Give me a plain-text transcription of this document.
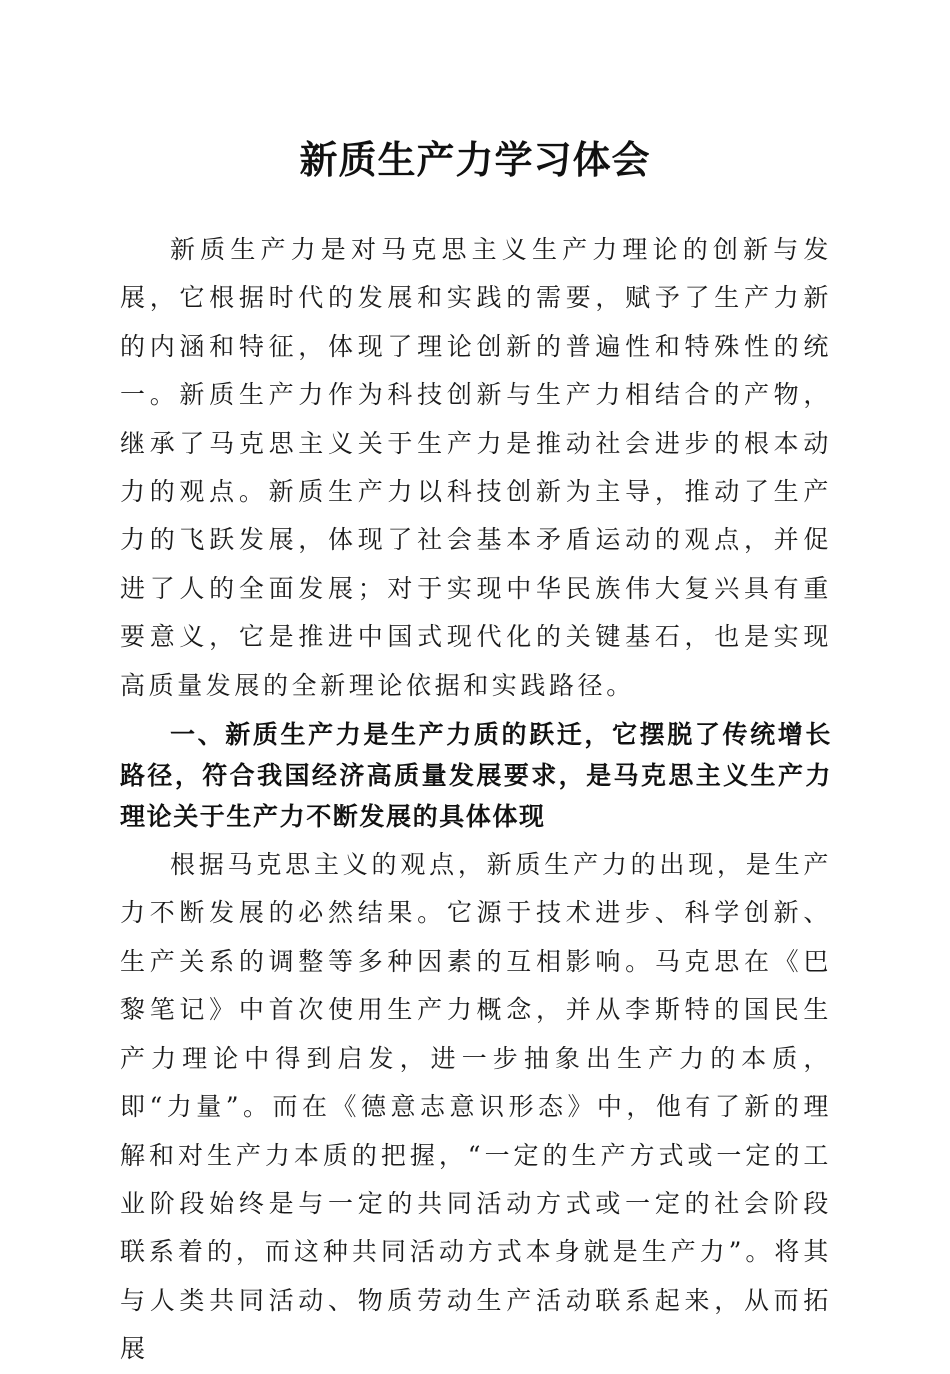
新质生产力学习体会

新质生产力是对马克思主义生产力理论的创新与发展，它根据时代的发展和实践的需要，赋予了生产力新的内涵和特征，体现了理论创新的普遍性和特殊性的统一。新质生产力作为科技创新与生产力相结合的产物，继承了马克思主义关于生产力是推动社会进步的根本动力的观点。新质生产力以科技创新为主导，推动了生产力的飞跃发展，体现了社会基本矛盾运动的观点，并促进了人的全面发展；对于实现中华民族伟大复兴具有重要意义，它是推进中国式现代化的关键基石，也是实现高质量发展的全新理论依据和实践路径。

一、新质生产力是生产力质的跃迁，它摆脱了传统增长路径，符合我国经济高质量发展要求，是马克思主义生产力理论关于生产力不断发展的具体体现

根据马克思主义的观点，新质生产力的出现，是生产力不断发展的必然结果。它源于技术进步、科学创新、生产关系的调整等多种因素的互相影响。马克思在《巴黎笔记》中首次使用生产力概念，并从李斯特的国民生产力理论中得到启发，进一步抽象出生产力的本质，即“力量”。而在《德意志意识形态》中，他有了新的理解和对生产力本质的把握，“一定的生产方式或一定的工业阶段始终是与一定的共同活动方式或一定的社会阶段联系着的，而这种共同活动方式本身就是生产力”。将其与人类共同活动、物质劳动生产活动联系起来，从而拓展
